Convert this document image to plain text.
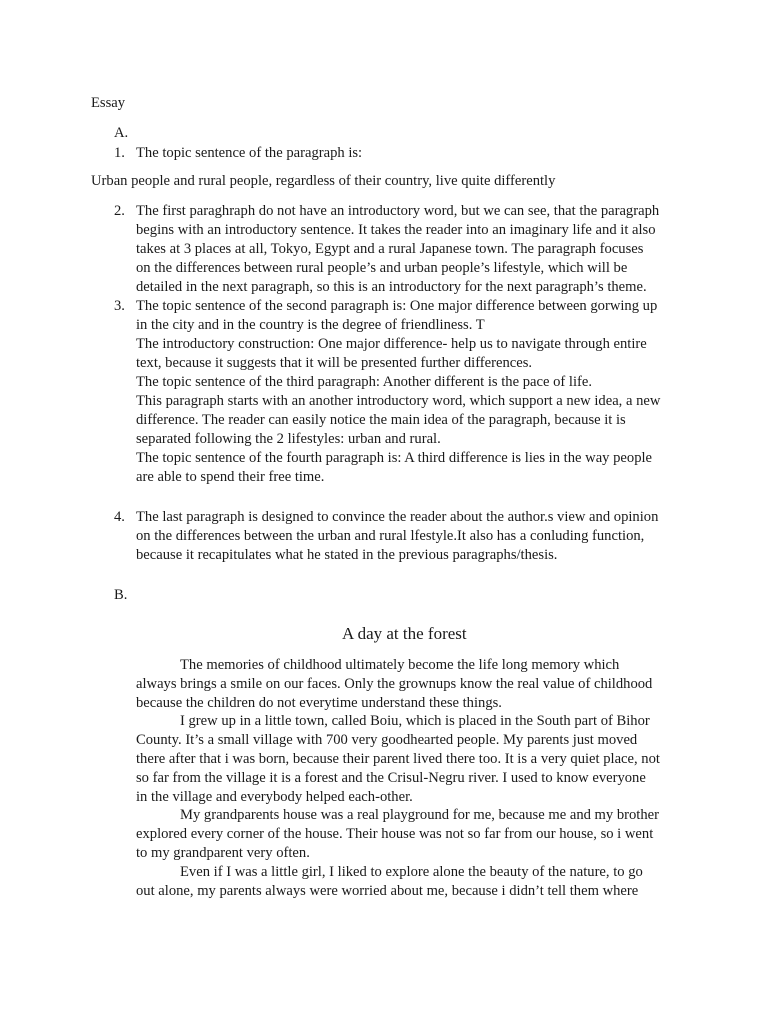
Essay
A.
1. The topic sentence of the paragraph is:
Urban people and rural people, regardless of their country, live quite differently
2. The first paraghraph do not have an introductory word, but we can see, that the paragraph
begins with an introductory sentence. It takes the reader into an imaginary life and it also
takes at 3 places at all, Tokyo, Egypt and a rural Japanese town. The paragraph focuses
on the differences between rural people’s and urban people’s lifestyle, which will be
detailed in the next paragraph, so this is an introductory for the next paragraph’s theme.
3. The topic sentence of the second paragraph is: One major difference between gorwing up
in the city and in the country is the degree of friendliness. T
The introductory construction: One major difference- help us to navigate through entire
text, because it suggests that it will be presented further differences.
The topic sentence of the third paragraph: Another different is the pace of life.
This paragraph starts with an another introductory word, which support a new idea, a new
difference. The reader can easily notice the main idea of the paragraph, because it is
separated following the 2 lifestyles: urban and rural.
The topic sentence of the fourth paragraph is: A third difference is lies in the way people
are able to spend their free time.
4. The last paragraph is designed to convince the reader about the author.s view and opinion
on the differences between the urban and rural lfestyle.It also has a conluding function,
because it recapitulates what he stated in the previous paragraphs/thesis.
B.
A day at the forest
The memories of childhood ultimately become the life long memory which
always brings a smile on our faces. Only the grownups know the real value of childhood
because the children do not everytime understand these things.
I grew up in a little town, called Boiu, which is placed in the South part of Bihor
County. It’s a small village with 700 very goodhearted people. My parents just moved
there after that i was born, because their parent lived there too. It is a very quiet place, not
so far from the village it is a forest and the Crisul-Negru river. I used to know everyone
in the village and everybody helped each-other.
My grandparents house was a real playground for me, because me and my brother
explored every corner of the house. Their house was not so far from our house, so i went
to my grandparent very often.
Even if I was a little girl, I liked to explore alone the beauty of the nature, to go
out alone, my parents always were worried about me, because i didn’t tell them where
